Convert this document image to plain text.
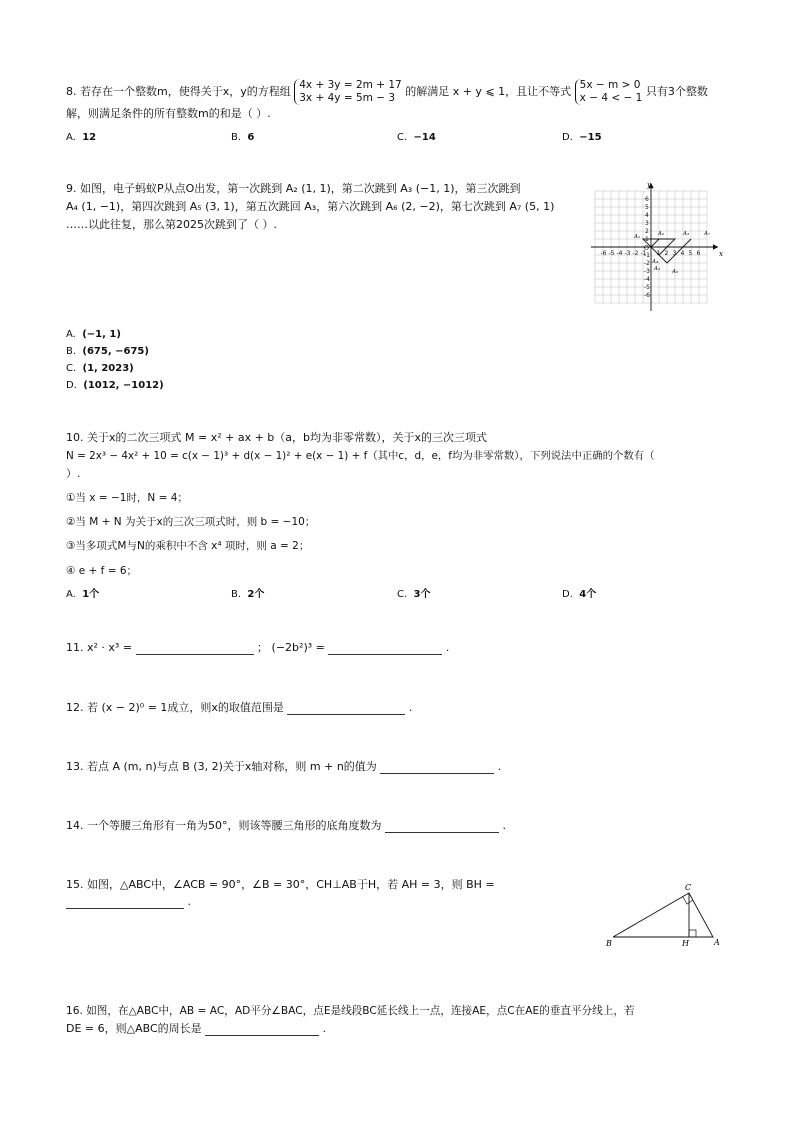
8. 若存在一个整数m，使得关于x，y的方程组 4x + 3y = 2m + 17
3x + 4y = 5m − 3 的解满足 x + y ⩽ 1，且让不等式 5x − m > 0
x − 4 < − 1 只有3个整数
解，则满足条件的所有整数m的和是（ ）.
A. 12	B. 6	C. −14	D. −15
9. 如图，电子蚂蚁P从点O出发，第一次跳到 A₂ (1, 1)，第二次跳到 A₃ (−1, 1)，第三次跳到
A₄ (1, −1)，第四次跳到 A₅ (3, 1)，第五次跳回 A₃，第六次跳到 A₆ (2, −2)，第七次跳到 A₇ (5, 1)
……以此往复，那么第2025次跳到了（ ）.
-6 -5 -4 -3 -2 -1 1 2 3 4 5 6
6
5
4
3
2
1
-1
-2
-3
-4
-5
-6
x
y
O
A₁	A₂	A₃
A₄
A₅ A₆
A₇
A. (−1, 1)
B. (675, −675)
C. (1, 2023)
D. (1012, −1012)
10. 关于x的二次三项式 M = x² + ax + b（a，b均为非零常数），关于x的三次三项式
N = 2x³ − 4x² + 10 = c(x − 1)³ + d(x − 1)² + e(x − 1) + f（其中c，d，e，f均为非零常数），下列说法中正确的个数有（
）.
①当 x = −1时，N = 4；
②当 M + N 为关于x的三次三项式时，则 b = −10；
③当多项式M与N的乘积中不含 x⁴ 项时，则 a = 2；
④ e + f = 6；
A. 1个	B. 2个	C. 3个	D. 4个
11. x² · x³ =	； (−2b²)³ =	.
12. 若 (x − 2)⁰ = 1成立，则x的取值范围是	.
13. 若点 A (m, n)与点 B (3, 2)关于x轴对称，则 m + n的值为	.
14. 一个等腰三角形有一角为50°，则该等腰三角形的底角度数为	.
15. 如图，△ABC中，∠ACB = 90°，∠B = 30°，CH⊥AB于H，若 AH = 3，则 BH =
.
C
B	H	A
16. 如图，在△ABC中，AB = AC，AD平分∠BAC，点E是线段BC延长线上一点，连接AE，点C在AE的垂直平分线上，若
DE = 6，则△ABC的周长是	.
